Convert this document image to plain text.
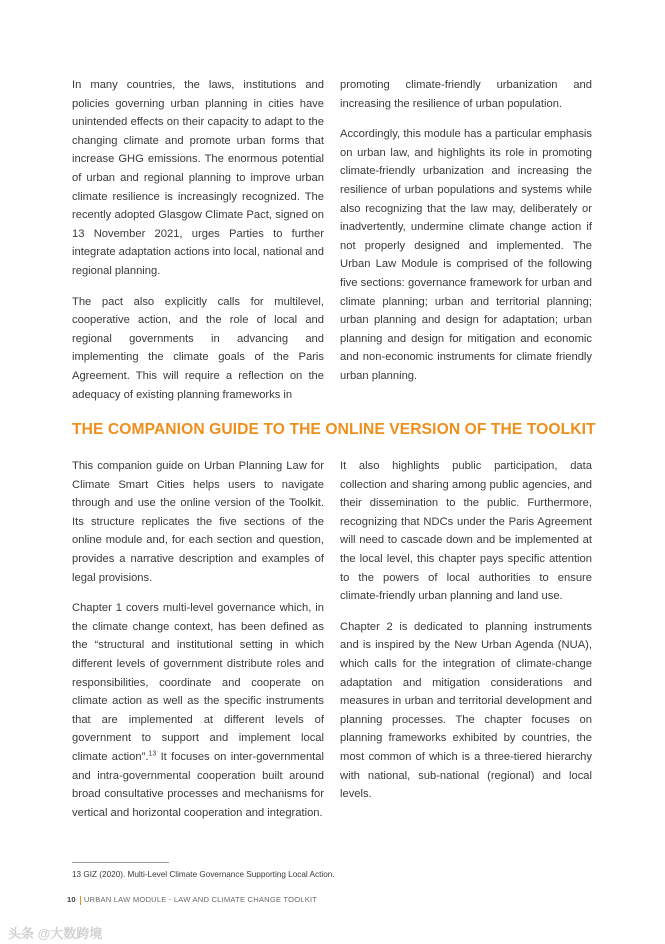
In many countries, the laws, institutions and policies governing urban planning in cities have unintended effects on their capacity to adapt to the changing climate and promote urban forms that increase GHG emissions. The enormous potential of urban and regional planning to improve urban climate resilience is increasingly recognized. The recently adopted Glasgow Climate Pact, signed on 13 November 2021, urges Parties to further integrate adaptation actions into local, national and regional planning.

The pact also explicitly calls for multilevel, cooperative action, and the role of local and regional governments in advancing and implementing the climate goals of the Paris Agreement. This will require a reflection on the adequacy of existing planning frameworks in

promoting climate-friendly urbanization and increasing the resilience of urban population.

Accordingly, this module has a particular emphasis on urban law, and highlights its role in promoting climate-friendly urbanization and increasing the resilience of urban populations and systems while also recognizing that the law may, deliberately or inadvertently, undermine climate change action if not properly designed and implemented. The Urban Law Module is comprised of the following five sections: governance framework for urban and climate planning; urban and territorial planning; urban planning and design for adaptation; urban planning and design for mitigation and economic and non-economic instruments for climate friendly urban planning.

THE COMPANION GUIDE TO THE ONLINE VERSION OF THE TOOLKIT

This companion guide on Urban Planning Law for Climate Smart Cities helps users to navigate through and use the online version of the Toolkit. Its structure replicates the five sections of the online module and, for each section and question, provides a narrative description and examples of legal provisions.

Chapter 1 covers multi-level governance which, in the climate change context, has been defined as the “structural and institutional setting in which different levels of government distribute roles and responsibilities, coordinate and cooperate on climate action as well as the specific instruments that are implemented at different levels of government to support and implement local climate action”.$^{13}$ It focuses on inter-governmental and intra-governmental cooperation built around broad consultative processes and mechanisms for vertical and horizontal cooperation and integration.

It also highlights public participation, data collection and sharing among public agencies, and their dissemination to the public. Furthermore, recognizing that NDCs under the Paris Agreement will need to cascade down and be implemented at the local level, this chapter pays specific attention to the powers of local authorities to ensure climate-friendly urban planning and land use.

Chapter 2 is dedicated to planning instruments and is inspired by the New Urban Agenda (NUA), which calls for the integration of climate-change adaptation and mitigation considerations and measures in urban and territorial development and planning processes. The chapter focuses on planning frameworks exhibited by countries, the most common of which is a three-tiered hierarchy with national, sub-national (regional) and local levels.

13 GIZ (2020). Multi-Level Climate Governance Supporting Local Action.
10 URBAN LAW MODULE - LAW AND CLIMATE CHANGE TOOLKIT
头条 @大数跨境
